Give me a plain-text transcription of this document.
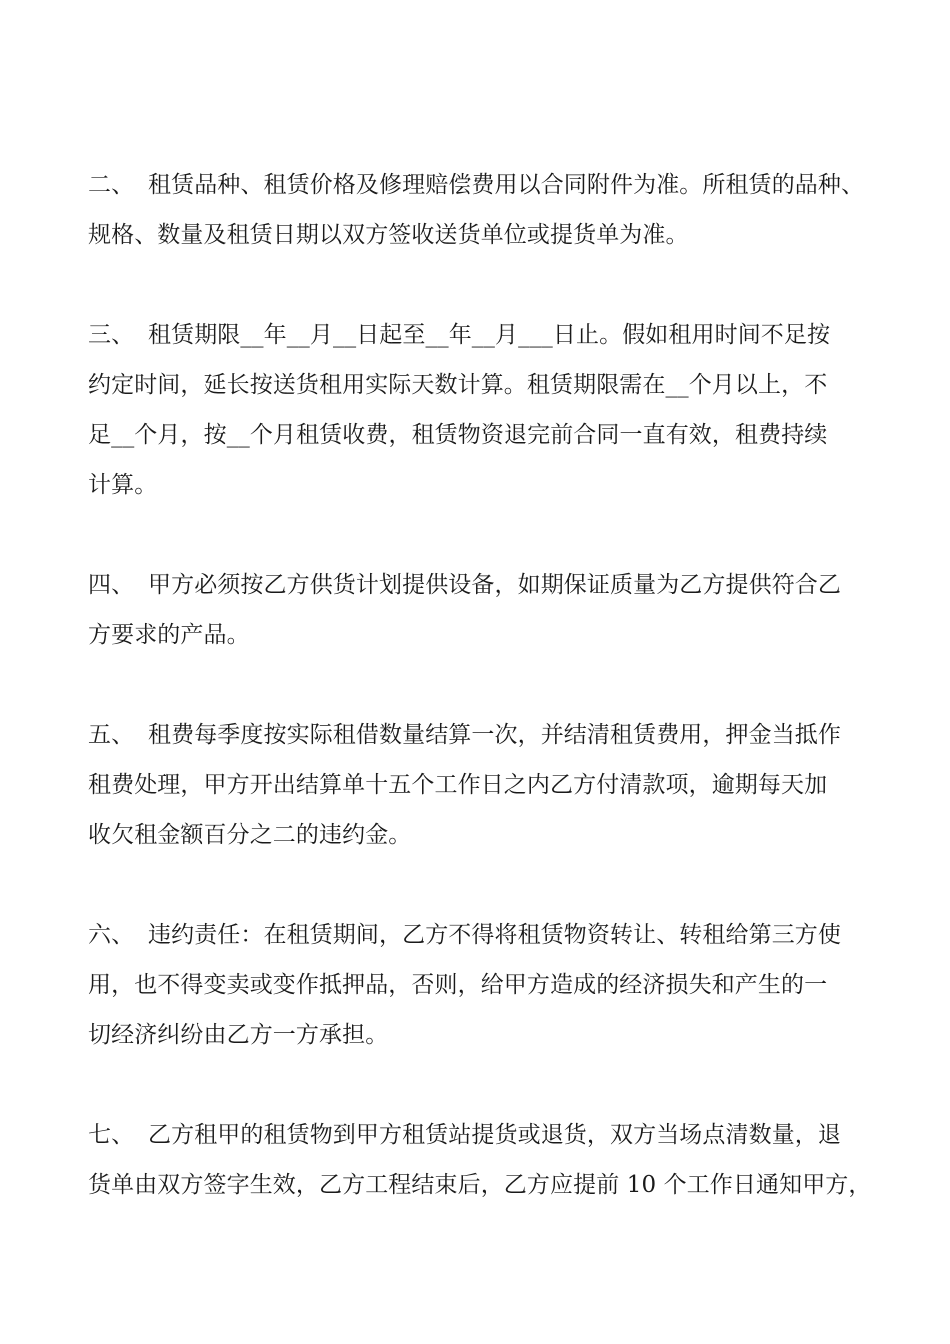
二、 租赁品种、租赁价格及修理赔偿费用以合同附件为准。所租赁的品种、
规格、数量及租赁日期以双方签收送货单位或提货单为准。
三、 租赁期限__年__月__日起至__年__月___日止。假如租用时间不足按
约定时间，延长按送货租用实际天数计算。租赁期限需在__个月以上，不
足__个月，按__个月租赁收费，租赁物资退完前合同一直有效，租费持续
计算。
四、 甲方必须按乙方供货计划提供设备，如期保证质量为乙方提供符合乙
方要求的产品。
五、 租费每季度按实际租借数量结算一次，并结清租赁费用，押金当抵作
租费处理，甲方开出结算单十五个工作日之内乙方付清款项，逾期每天加
收欠租金额百分之二的违约金。
六、 违约责任：在租赁期间，乙方不得将租赁物资转让、转租给第三方使
用，也不得变卖或变作抵押品，否则，给甲方造成的经济损失和产生的一
切经济纠纷由乙方一方承担。
七、 乙方租甲的租赁物到甲方租赁站提货或退货，双方当场点清数量，退
货单由双方签字生效，乙方工程结束后，乙方应提前 10 个工作日通知甲方，
